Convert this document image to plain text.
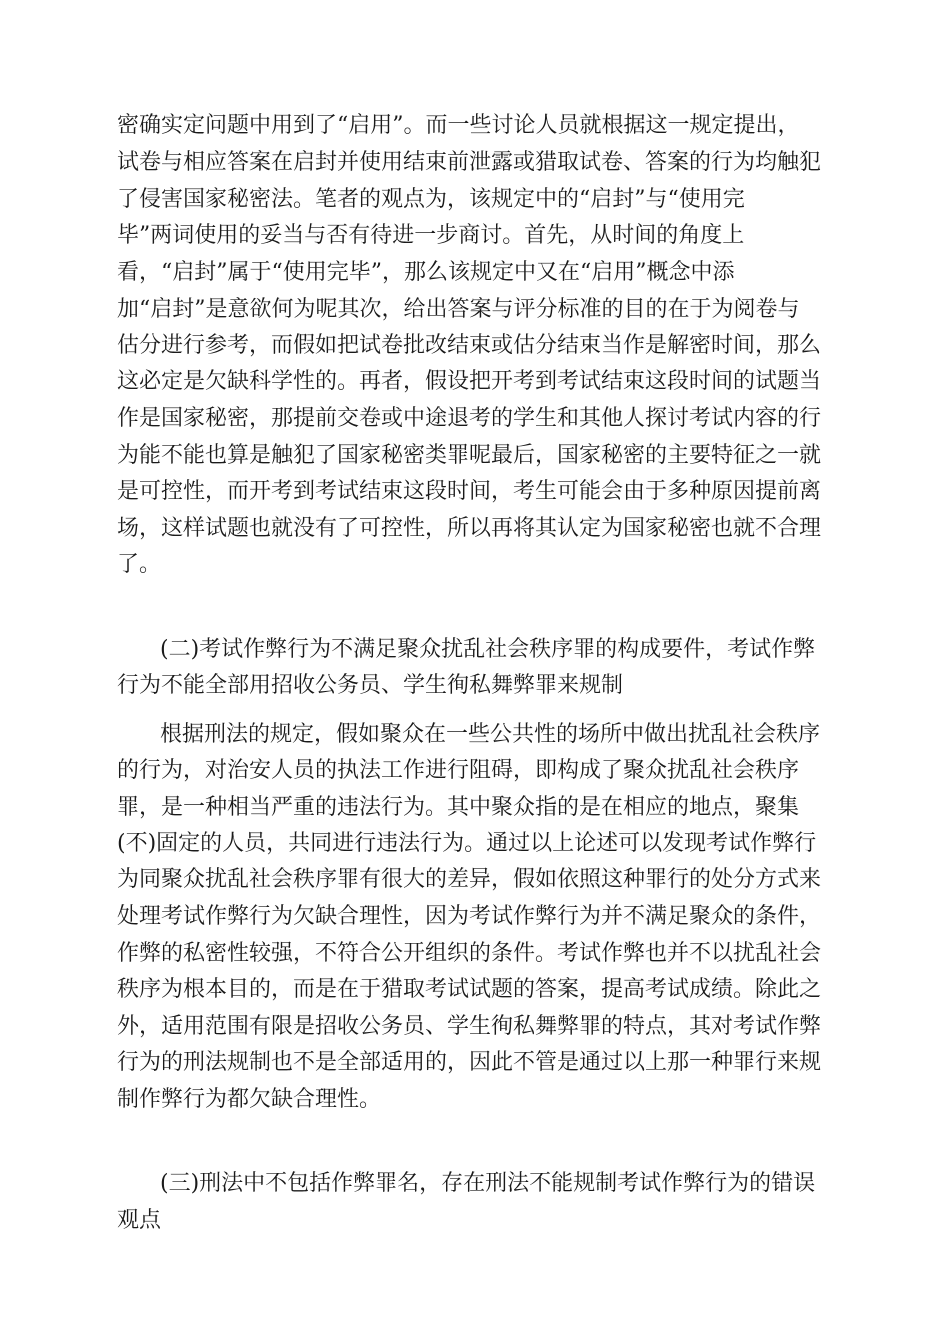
密确实定问题中用到了“启用”。而一些讨论人员就根据这一规定提出，

试卷与相应答案在启封并使用结束前泄露或猎取试卷、答案的行为均触犯

了侵害国家秘密法。笔者的观点为，该规定中的“启封”与“使用完

毕”两词使用的妥当与否有待进一步商讨。首先，从时间的角度上

看，“启封”属于“使用完毕”，那么该规定中又在“启用”概念中添

加“启封”是意欲何为呢其次，给出答案与评分标准的目的在于为阅卷与

估分进行参考，而假如把试卷批改结束或估分结束当作是解密时间，那么

这必定是欠缺科学性的。再者，假设把开考到考试结束这段时间的试题当

作是国家秘密，那提前交卷或中途退考的学生和其他人探讨考试内容的行

为能不能也算是触犯了国家秘密类罪呢最后，国家秘密的主要特征之一就

是可控性，而开考到考试结束这段时间，考生可能会由于多种原因提前离

场，这样试题也就没有了可控性，所以再将其认定为国家秘密也就不合理

了。

(二)考试作弊行为不满足聚众扰乱社会秩序罪的构成要件，考试作弊

行为不能全部用招收公务员、学生徇私舞弊罪来规制

根据刑法的规定，假如聚众在一些公共性的场所中做出扰乱社会秩序

的行为，对治安人员的执法工作进行阻碍，即构成了聚众扰乱社会秩序

罪，是一种相当严重的违法行为。其中聚众指的是在相应的地点，聚集

(不)固定的人员，共同进行违法行为。通过以上论述可以发现考试作弊行

为同聚众扰乱社会秩序罪有很大的差异，假如依照这种罪行的处分方式来

处理考试作弊行为欠缺合理性，因为考试作弊行为并不满足聚众的条件，

作弊的私密性较强，不符合公开组织的条件。考试作弊也并不以扰乱社会

秩序为根本目的，而是在于猎取考试试题的答案，提高考试成绩。除此之

外，适用范围有限是招收公务员、学生徇私舞弊罪的特点，其对考试作弊

行为的刑法规制也不是全部适用的，因此不管是通过以上那一种罪行来规

制作弊行为都欠缺合理性。

(三)刑法中不包括作弊罪名，存在刑法不能规制考试作弊行为的错误

观点
